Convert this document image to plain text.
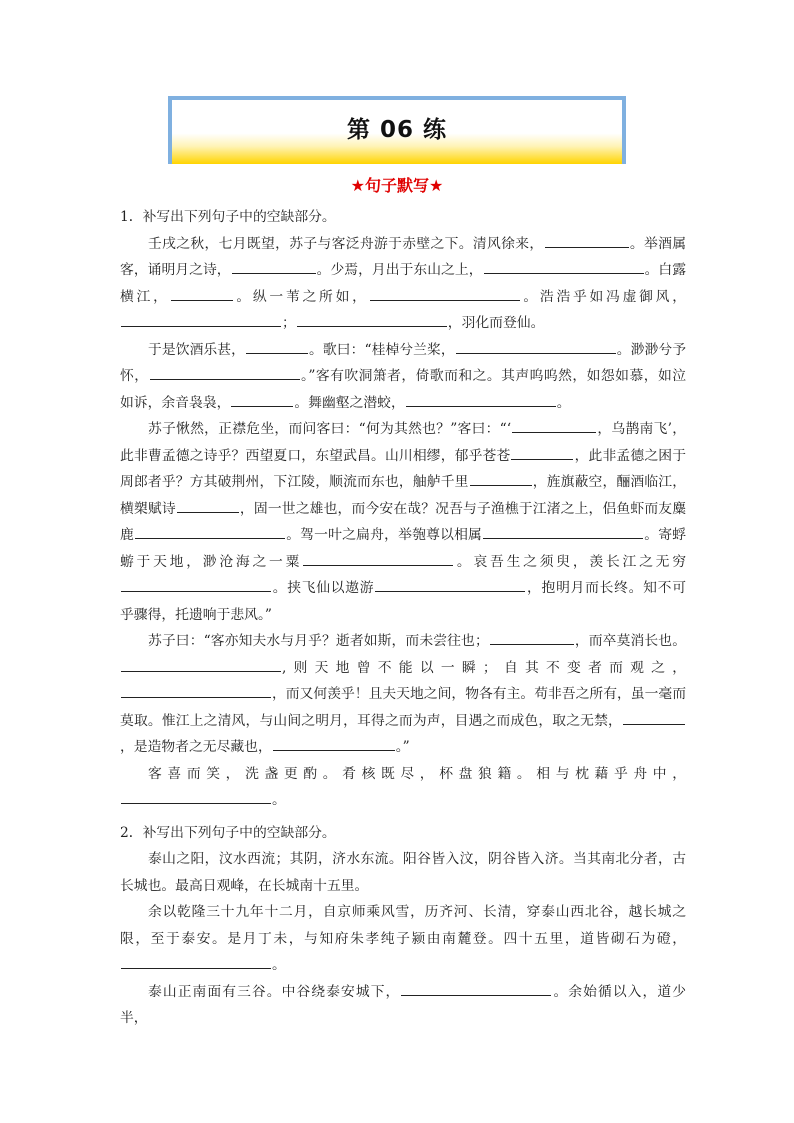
第 06 练
★句子默写★

1．补写出下列句子中的空缺部分。

壬戌之秋，七月既望，苏子与客泛舟游于赤壁之下。清风徐来，	。举酒属客，诵明月之诗，	。少焉，月出于东山之上，	。白露横江，	。纵一苇之所如，	。浩浩乎如冯虚御风，；	，羽化而登仙。

于是饮酒乐甚，	。歌曰：“桂棹兮兰桨，	。渺渺兮予怀，	。”客有吹洞箫者，倚歌而和之。其声呜呜然，如怨如慕，如泣如诉，余音袅袅，	。舞幽壑之潜蛟，	。

苏子愀然，正襟危坐，而问客曰：“何为其然也？”客曰：“‘	，乌鹊南飞’，此非曹孟德之诗乎？西望夏口，东望武昌。山川相缪，郁乎苍苍	，此非孟德之困于周郎者乎？方其破荆州，下江陵，顺流而东也，舳舻千里	，旌旗蔽空，酾酒临江，横槊赋诗	，固一世之雄也，而今安在哉？况吾与子渔樵于江渚之上，侣鱼虾而友麋鹿	。驾一叶之扁舟，举匏尊以相属	。寄蜉蝣于天地，渺沧海之一粟	。哀吾生之须臾，羡长江之无穷。挟飞仙以遨游	，抱明月而长终。知不可乎骤得，托遗响于悲风。”

苏子曰：“客亦知夫水与月乎？逝者如斯，而未尝往也；	，而卒莫消长也。,则天地曾不能以一瞬；自其不变者而观之，，而又何羡乎！且夫天地之间，物各有主。苟非吾之所有，虽一毫而莫取。惟江上之清风，与山间之明月，耳得之而为声，目遇之而成色，取之无禁，，是造物者之无尽藏也，	。”

客喜而笑，洗盏更酌。肴核既尽，杯盘狼籍。相与枕藉乎舟中，。

2．补写出下列句子中的空缺部分。

泰山之阳，汶水西流；其阴，济水东流。阳谷皆入汶，阴谷皆入济。当其南北分者，古长城也。最高日观峰，在长城南十五里。

余以乾隆三十九年十二月，自京师乘风雪，历齐河、长清，穿泰山西北谷，越长城之限，至于泰安。是月丁未，与知府朱孝纯子颍由南麓登。四十五里，道皆砌石为磴，。

泰山正南面有三谷。中谷绕泰安城下，	。余始循以入，道少半，
